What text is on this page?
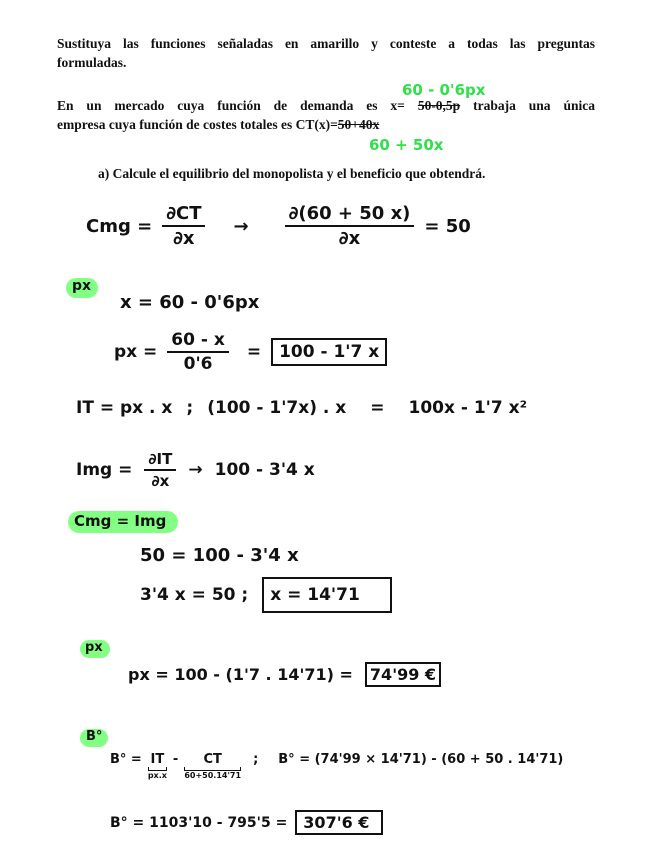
Sustituya las funciones señaladas en amarillo y conteste a todas las preguntas
formuladas.
60 - 0'6px
En un mercado cuya función de demanda es x= 50-0,5p trabaja una única
empresa cuya función de costes totales es CT(x)=50+40x
60 + 50x
a) Calcule el equilibrio del monopolista y el beneficio que obtendrá.
Cmg = $\frac{\partial CT}{\partial x} \to \frac{\partial(60 + 50 x)}{\partial x} = 50$
px
x = 60 - 0'6px
px = $\frac{60 - x}{0'6}$ =	100 - 1'7 x
IT = px . x ; (100 - 1'7x) . x = 100x - 1'7 x²
Img = $\frac{\partial IT}{\partial x} \to 100 - 3'4$ x
Cmg = Img
50 = 100 - 3'4 x
3'4 x = 50 ;	x = 14'71
px
px = 100 - (1'7 . 14'71) =	74'99 €
B°
B° = IT
px.x
- CT
60+50.14'71
; B° = (74'99 × 14'71) - (60 + 50 . 14'71)
B° = 1103'10 - 795'5 =	307'6 €
